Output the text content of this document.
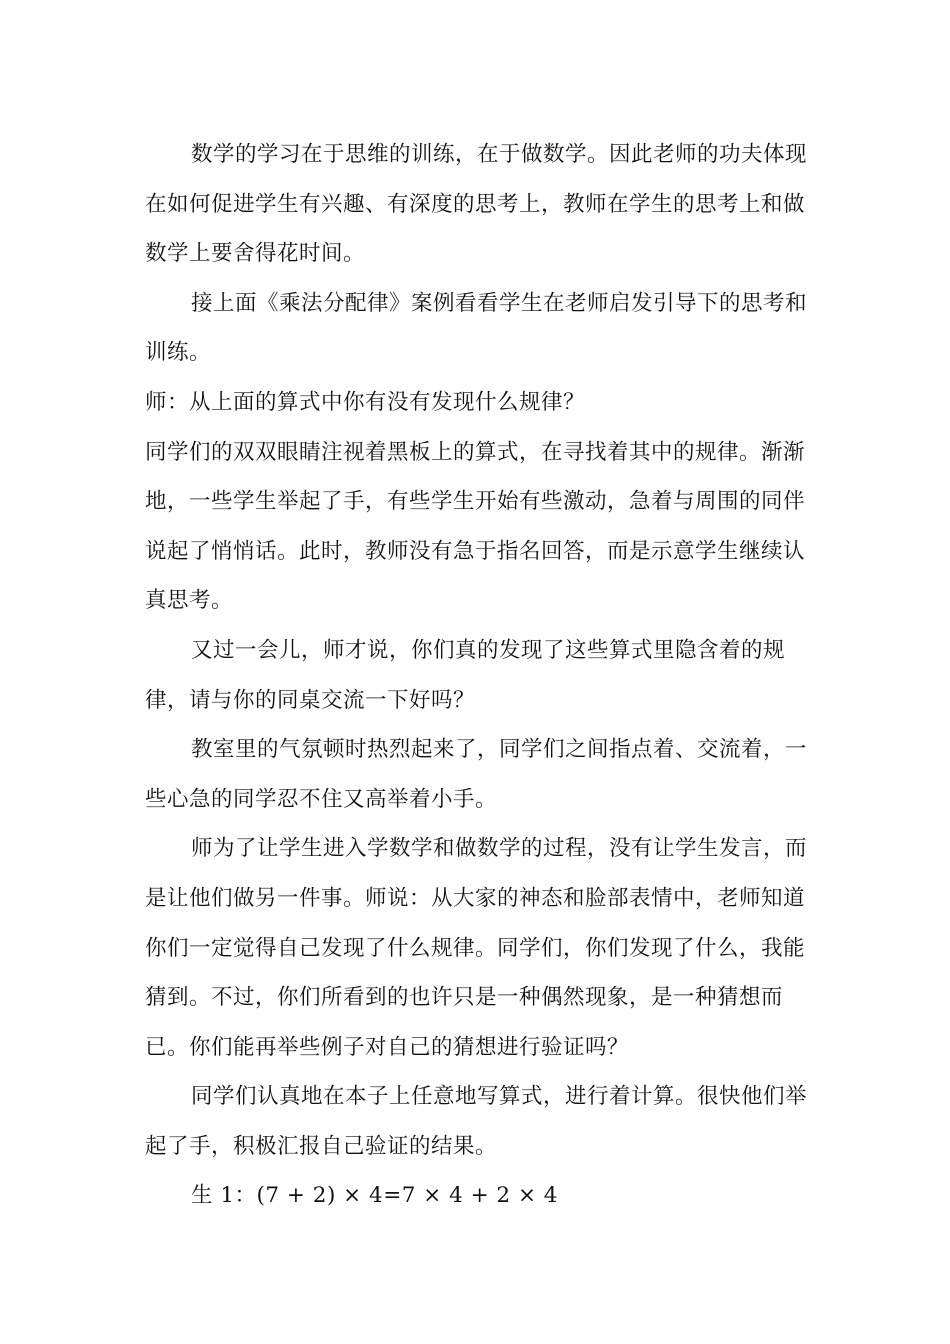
数学的学习在于思维的训练，在于做数学。因此老师的功夫体现在如何促进学生有兴趣、有深度的思考上，教师在学生的思考上和做数学上要舍得花时间。

接上面《乘法分配律》案例看看学生在老师启发引导下的思考和训练。

师：从上面的算式中你有没有发现什么规律？

同学们的双双眼睛注视着黑板上的算式，在寻找着其中的规律。渐渐地，一些学生举起了手，有些学生开始有些激动，急着与周围的同伴说起了悄悄话。此时，教师没有急于指名回答，而是示意学生继续认真思考。

又过一会儿，师才说，你们真的发现了这些算式里隐含着的规律，请与你的同桌交流一下好吗？

教室里的气氛顿时热烈起来了，同学们之间指点着、交流着，一些心急的同学忍不住又高举着小手。

师为了让学生进入学数学和做数学的过程，没有让学生发言，而是让他们做另一件事。师说：从大家的神态和脸部表情中，老师知道你们一定觉得自己发现了什么规律。同学们，你们发现了什么，我能猜到。不过，你们所看到的也许只是一种偶然现象，是一种猜想而已。你们能再举些例子对自己的猜想进行验证吗？

同学们认真地在本子上任意地写算式，进行着计算。很快他们举起了手，积极汇报自己验证的结果。

生 1：(7 + 2) × 4=7 × 4 + 2 × 4
